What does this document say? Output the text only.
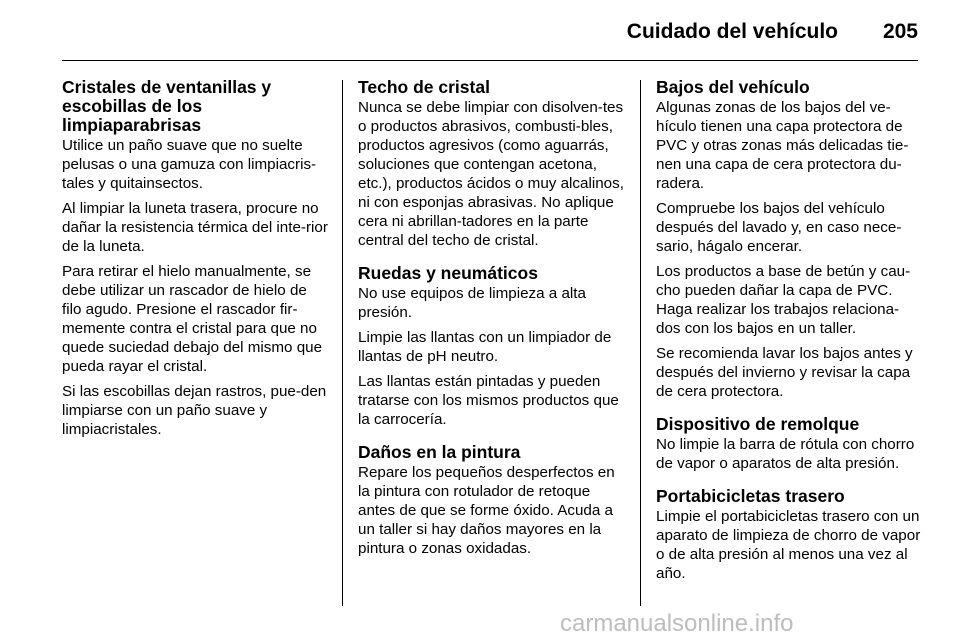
Cuidado del vehículo 205
Cristales de ventanillas y escobillas de los limpiaparabrisas

Utilice un paño suave que no suelte pelusas o una gamuza con limpiacris-tales y quitainsectos.

Al limpiar la luneta trasera, procure no dañar la resistencia térmica del inte-rior de la luneta.

Para retirar el hielo manualmente, se debe utilizar un rascador de hielo de filo agudo. Presione el rascador fir-memente contra el cristal para que no quede suciedad debajo del mismo que pueda rayar el cristal.

Si las escobillas dejan rastros, pue-den limpiarse con un paño suave y limpiacristales.

Techo de cristal

Nunca se debe limpiar con disolven-tes o productos abrasivos, combusti-bles, productos agresivos (como aguarrás, soluciones que contengan acetona, etc.), productos ácidos o muy alcalinos, ni con esponjas abrasivas. No aplique cera ni abrillan-tadores en la parte central del techo de cristal.

Ruedas y neumáticos

No use equipos de limpieza a alta presión.

Limpie las llantas con un limpiador de llantas de pH neutro.

Las llantas están pintadas y pueden tratarse con los mismos productos que la carrocería.

Daños en la pintura

Repare los pequeños desperfectos en la pintura con rotulador de retoque antes de que se forme óxido. Acuda a un taller si hay daños mayores en la pintura o zonas oxidadas.

Bajos del vehículo

Algunas zonas de los bajos del ve-hículo tienen una capa protectora de PVC y otras zonas más delicadas tie-nen una capa de cera protectora du-radera.

Compruebe los bajos del vehículo después del lavado y, en caso nece-sario, hágalo encerar.

Los productos a base de betún y cau-cho pueden dañar la capa de PVC. Haga realizar los trabajos relaciona-dos con los bajos en un taller.

Se recomienda lavar los bajos antes y después del invierno y revisar la capa de cera protectora.

Dispositivo de remolque

No limpie la barra de rótula con chorro de vapor o aparatos de alta presión.

Portabicicletas trasero

Limpie el portabicicletas trasero con un aparato de limpieza de chorro de vapor o de alta presión al menos una vez al año.

carmanualsonline.info
